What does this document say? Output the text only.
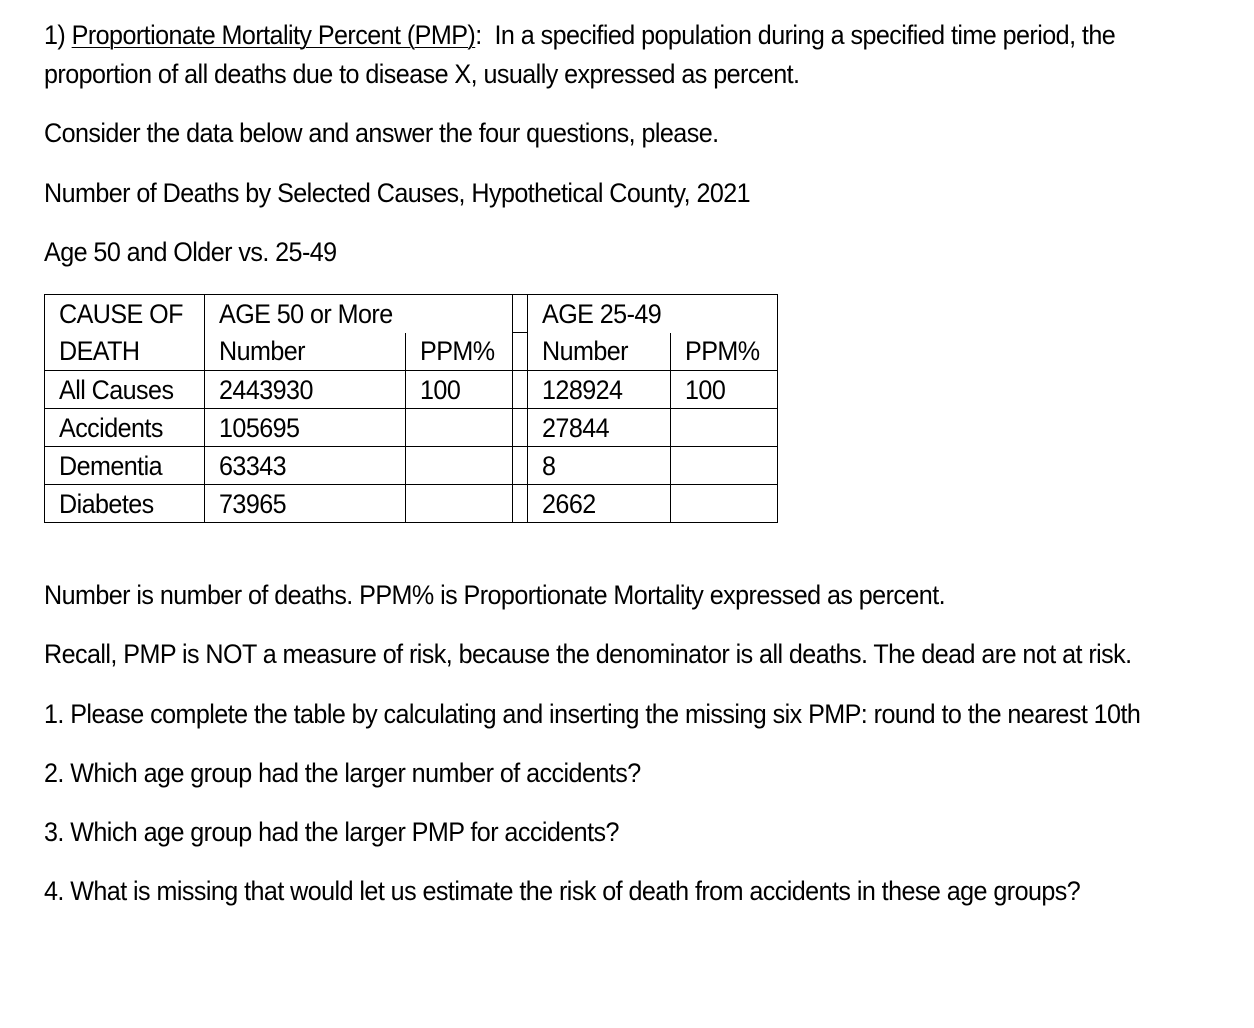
1) Proportionate Mortality Percent (PMP): In a specified population during a specified time period, the
proportion of all deaths due to disease X, usually expressed as percent.
Consider the data below and answer the four questions, please.
Number of Deaths by Selected Causes, Hypothetical County, 2021
Age 50 and Older vs. 25-49
Number is number of deaths. PPM% is Proportionate Mortality expressed as percent.
Recall, PMP is NOT a measure of risk, because the denominator is all deaths. The dead are not at risk.
1. Please complete the table by calculating and inserting the missing six PMP: round to the nearest 10th
2. Which age group had the larger number of accidents?
3. Which age group had the larger PMP for accidents?
4. What is missing that would let us estimate the risk of death from accidents in these age groups?
CAUSE OF	AGE 50 or More			AGE 25-49	
DEATH	Number	PPM%		Number	PPM%
All Causes	2443930	100		128924	100
Accidents	105695			27844	
Dementia	63343			8	
Diabetes	73965			2662	
